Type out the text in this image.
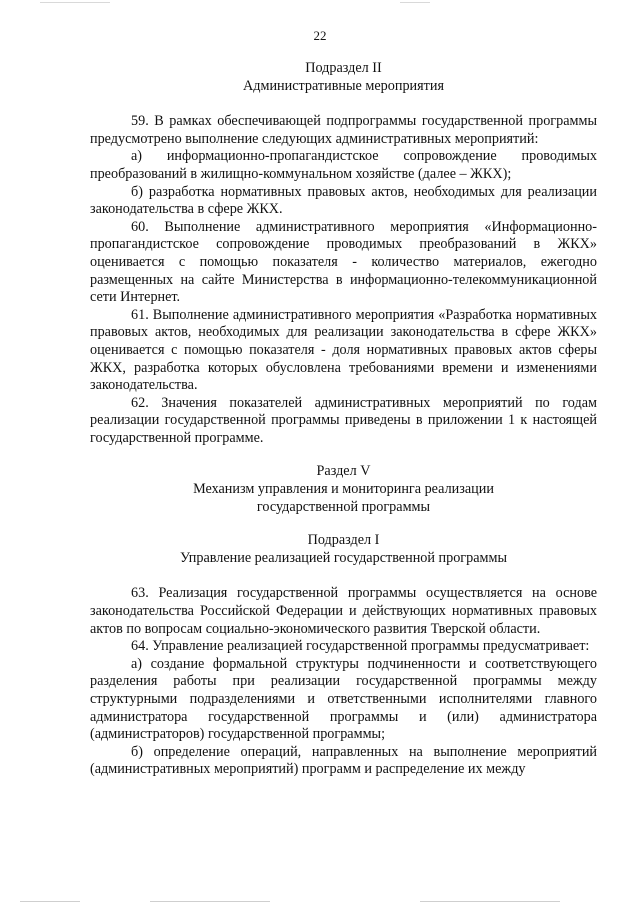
22

Подраздел II

Административные мероприятия

59. В рамках обеспечивающей подпрограммы государственной программы предусмотрено выполнение следующих административных мероприятий:

а) информационно-пропагандистское сопровождение проводимых преобразований в жилищно-коммунальном хозяйстве (далее – ЖКХ);

б) разработка нормативных правовых актов, необходимых для реализации законодательства в сфере ЖКХ.

60. Выполнение административного мероприятия «Информационно-пропагандистское сопровождение проводимых преобразований в ЖКХ» оценивается с помощью показателя - количество материалов, ежегодно размещенных на сайте Министерства в информационно-телекоммуникационной сети Интернет.

61. Выполнение административного мероприятия «Разработка нормативных правовых актов, необходимых для реализации законодательства в сфере ЖКХ» оценивается с помощью показателя - доля нормативных правовых актов сферы ЖКХ, разработка которых обусловлена требованиями времени и изменениями законодательства.

62. Значения показателей административных мероприятий по годам реализации государственной программы приведены в приложении 1 к настоящей государственной программе.

Раздел V

Механизм управления и мониторинга реализации

государственной программы

Подраздел I

Управление реализацией государственной программы

63. Реализация государственной программы осуществляется на основе законодательства Российской Федерации и действующих нормативных правовых актов по вопросам социально-экономического развития Тверской области.

64. Управление реализацией государственной программы предусматривает:

а) создание формальной структуры подчиненности и соответствующего разделения работы при реализации государственной программы между структурными подразделениями и ответственными исполнителями главного администратора государственной программы и (или) администратора (администраторов) государственной программы;

б) определение операций, направленных на выполнение мероприятий (административных мероприятий) программ и распределение их между
